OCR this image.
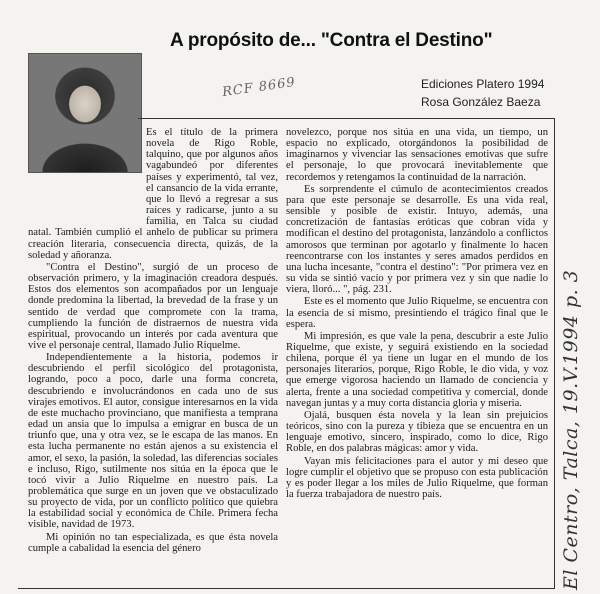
A propósito de... "Contra el Destino"
RCF 8669	Ediciones Platero 1994
Rosa González Baeza

Es el título de la primera novela de Rigo Roble, talquino, que por algunos años vagabundeó por diferentes países y experimentó, tal vez, el cansancio de la vida errante, que lo llevó a regresar a sus raíces y radicarse, junto a su familia, en Talca su ciudad natal. También cumplió el anhelo de publicar su primera creación literaria, consecuencia directa, quizás, de la soledad y añoranza.

"Contra el Destino", surgió de un proceso de observación primero, y la imaginación creadora después. Estos dos elementos son acompañados por un lenguaje donde predomina la libertad, la brevedad de la frase y un sentido de verdad que compromete con la trama, cumpliendo la función de distraernos de nuestra vida espiritual, provocando un interés por cada aventura que vive el personaje central, llamado Julio Riquelme.

Independientemente a la historia, podemos ir descubriendo el perfil sicológico del protagonista, logrando, poco a poco, darle una forma concreta, descubriendo e involucrándonos en cada uno de sus virajes emotivos. El autor, consigue interesarnos en la vida de este muchacho provinciano, que manifiesta a temprana edad un ansia que lo impulsa a emigrar en busca de un triunfo que, una y otra vez, se le escapa de las manos. En esta lucha permanente no están ajenos a su existencia el amor, el sexo, la pasión, la soledad, las diferencias sociales e incluso, Rigo, sutilmente nos sitúa en la época que le tocó vivir a Julio Riquelme en nuestro país. La problemática que surge en un joven que ve obstaculizado su proyecto de vida, por un conflicto político que quiebra la estabilidad social y económica de Chile. Primera fecha visible, navidad de 1973.

Mi opinión no tan especializada, es que ésta novela cumple a cabalidad la esencia del género

novelezco, porque nos sitúa en una vida, un tiempo, un espacio no explicado, otorgándonos la posibilidad de imaginarnos y vivenciar las sensaciones emotivas que sufre el personaje, lo que provocará inevitablemente que recordemos y retengamos la continuidad de la narración.

Es sorprendente el cúmulo de acontecimientos creados para que este personaje se desarrolle. Es una vida real, sensible y posible de existir. Intuyo, además, una concretización de fantasías eróticas que cobran vida y modifican el destino del protagonista, lanzándolo a conflictos amorosos que terminan por agotarlo y finalmente lo hacen reencontrarse con los instantes y seres amados perdidos en una lucha incesante, "contra el destino": "Por primera vez en su vida se sintió vacío y por primera vez y sin que nadie lo viera, lloró... ", pág. 231.

Este es el momento que Julio Riquelme, se encuentra con la esencia de sí mismo, presintiendo el trágico final que le espera.

Mi impresión, es que vale la pena, descubrir a este Julio Riquelme, que existe, y seguirá existiendo en la sociedad chilena, porque él ya tiene un lugar en el mundo de los personajes literarios, porque, Rigo Roble, le dio vida, y voz que emerge vigorosa haciendo un llamado de conciencia y alerta, frente a una sociedad competitiva y comercial, donde navegan juntas y a muy corta distancia gloria y miseria.

Ojalá, busquen ésta novela y la lean sin prejuicios teóricos, sino con la pureza y tibieza que se encuentra en un lenguaje emotivo, sincero, inspirado, como lo dice, Rigo Roble, en dos palabras mágicas: amor y vida.

Vayan mis felicitaciones para el autor y mi deseo que logre cumplir el objetivo que se propuso con esta publicación y es poder llegar a los miles de Julio Riquelme, que forman la fuerza trabajadora de nuestro país.	El Centro, Talca, 19.V.1994 p. 3
